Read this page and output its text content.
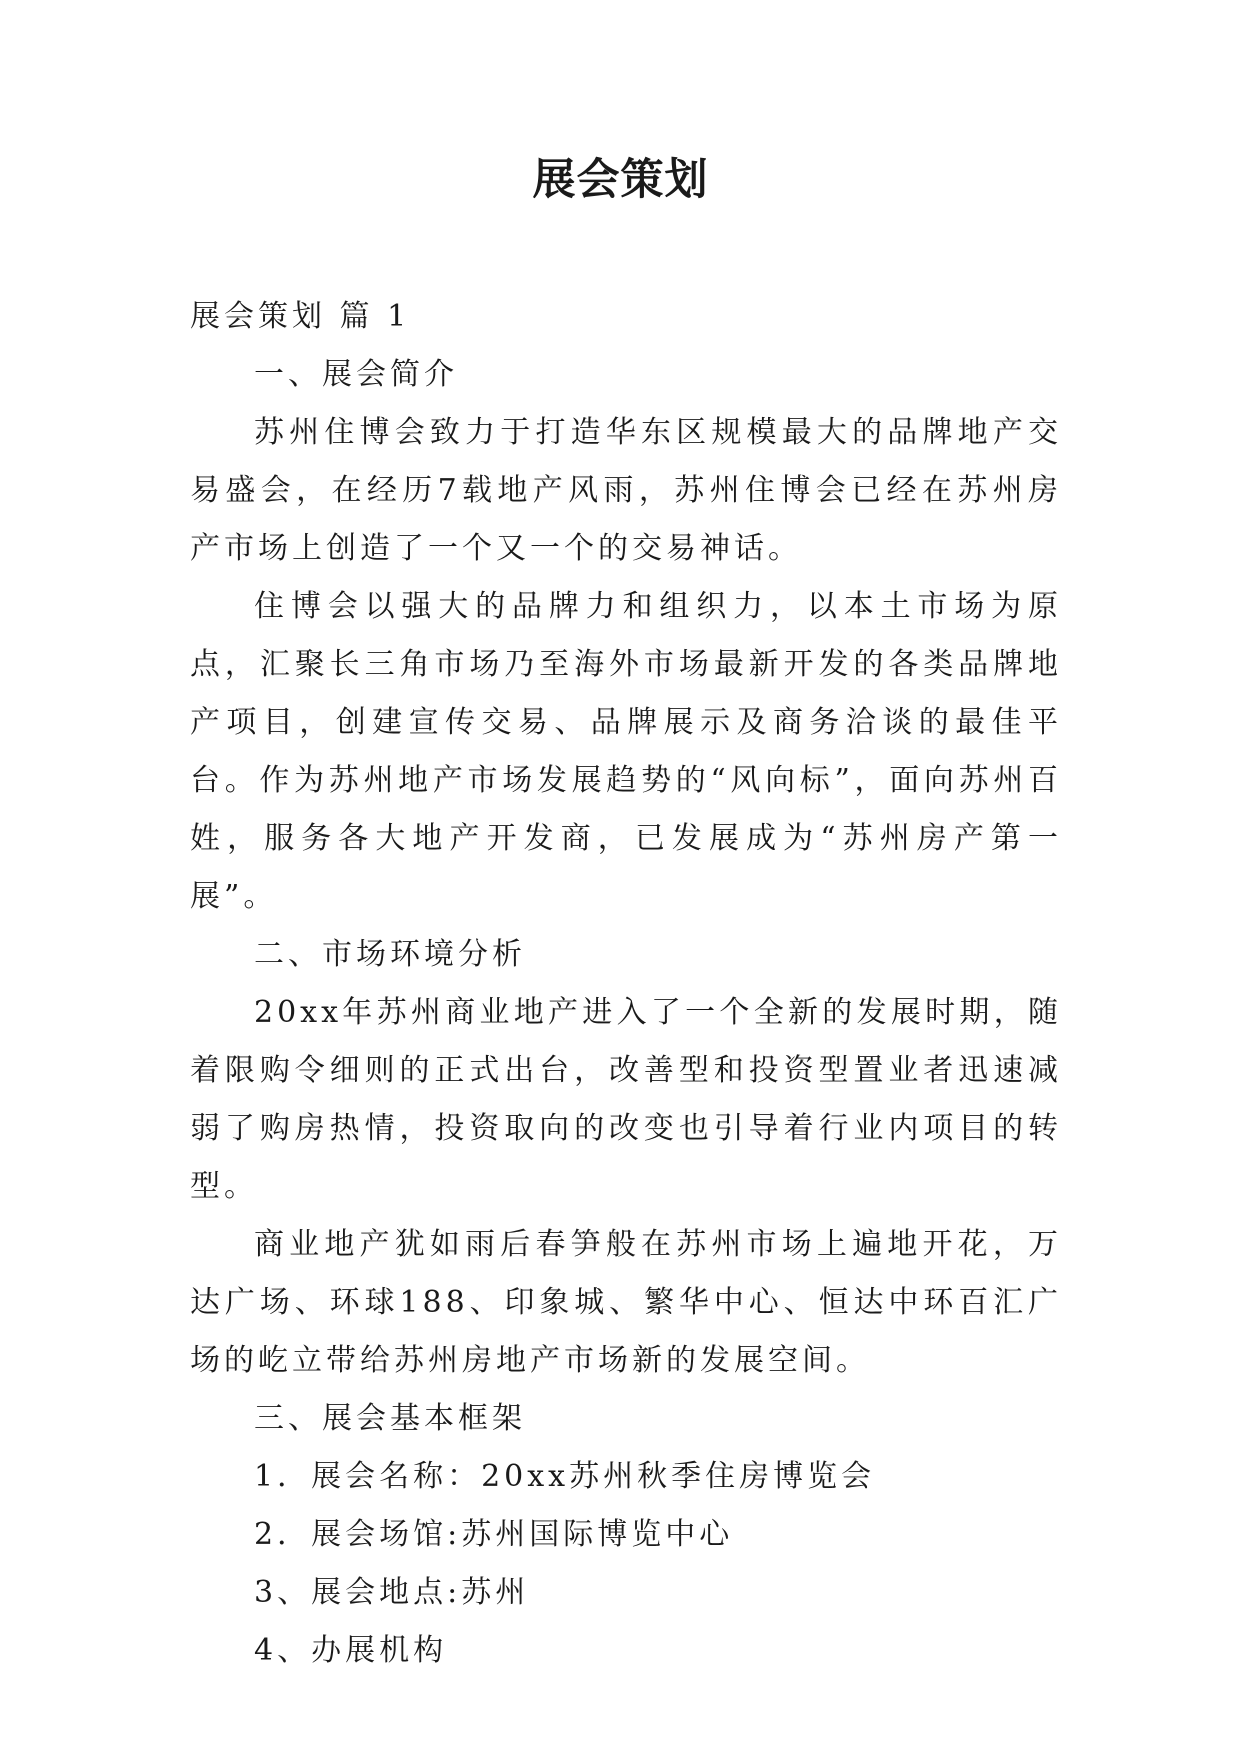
展会策划

展会策划 篇 1

一、展会简介

苏州住博会致力于打造华东区规模最大的品牌地产交易盛会，在经历7载地产风雨，苏州住博会已经在苏州房产市场上创造了一个又一个的交易神话。

住博会以强大的品牌力和组织力，以本土市场为原点，汇聚长三角市场乃至海外市场最新开发的各类品牌地产项目，创建宣传交易、品牌展示及商务洽谈的最佳平台。作为苏州地产市场发展趋势的“风向标”，面向苏州百姓，服务各大地产开发商，已发展成为“苏州房产第一展”。

二、市场环境分析

20xx年苏州商业地产进入了一个全新的发展时期，随着限购令细则的正式出台，改善型和投资型置业者迅速减弱了购房热情，投资取向的改变也引导着行业内项目的转型。

商业地产犹如雨后春笋般在苏州市场上遍地开花，万达广场、环球188、印象城、繁华中心、恒达中环百汇广场的屹立带给苏州房地产市场新的发展空间。

三、展会基本框架

1．展会名称：20xx苏州秋季住房博览会

2．展会场馆:苏州国际博览中心

3、展会地点:苏州

4、办展机构
